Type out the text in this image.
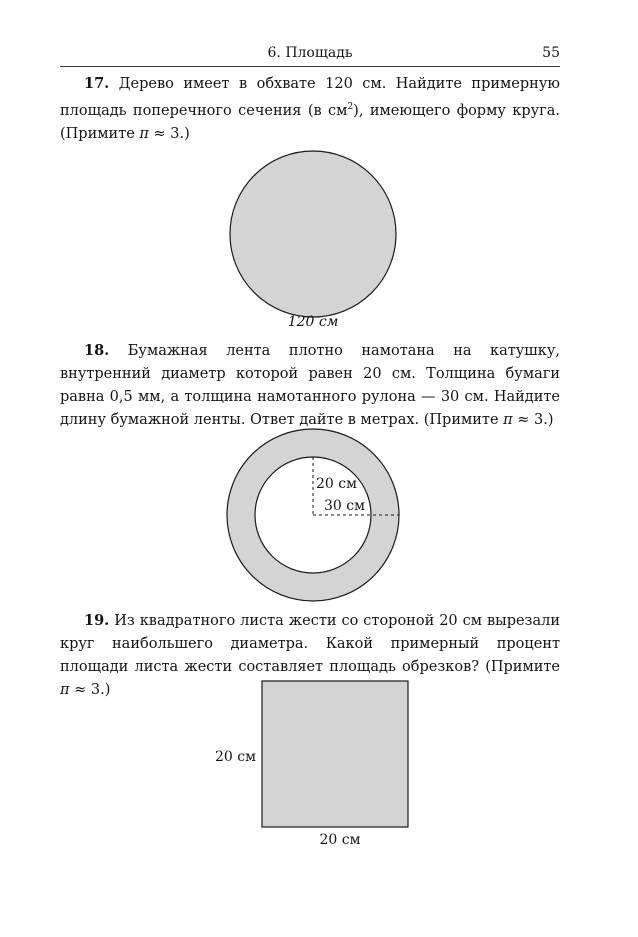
6. Площадь	55

17. Дерево имеет в обхвате 120 см. Найдите примерную площадь поперечного сечения (в $см^2$), имеющего форму круга. (Примите π ≈ 3.)

120 см

18. Бумажная лента плотно намотана на катушку, внутренний диаметр которой равен 20 см. Толщина бумаги равна 0,5 мм, а толщина намотанного рулона — 30 см. Найдите длину бумажной ленты. Ответ дайте в метрах. (Примите π ≈ 3.)

20 см
30 см

19. Из квадратного листа жести со стороной 20 см вырезали круг наибольшего диаметра. Какой примерный процент площади листа жести составляет площадь обрезков? (Примите π ≈ 3.)

20 см
20 см
